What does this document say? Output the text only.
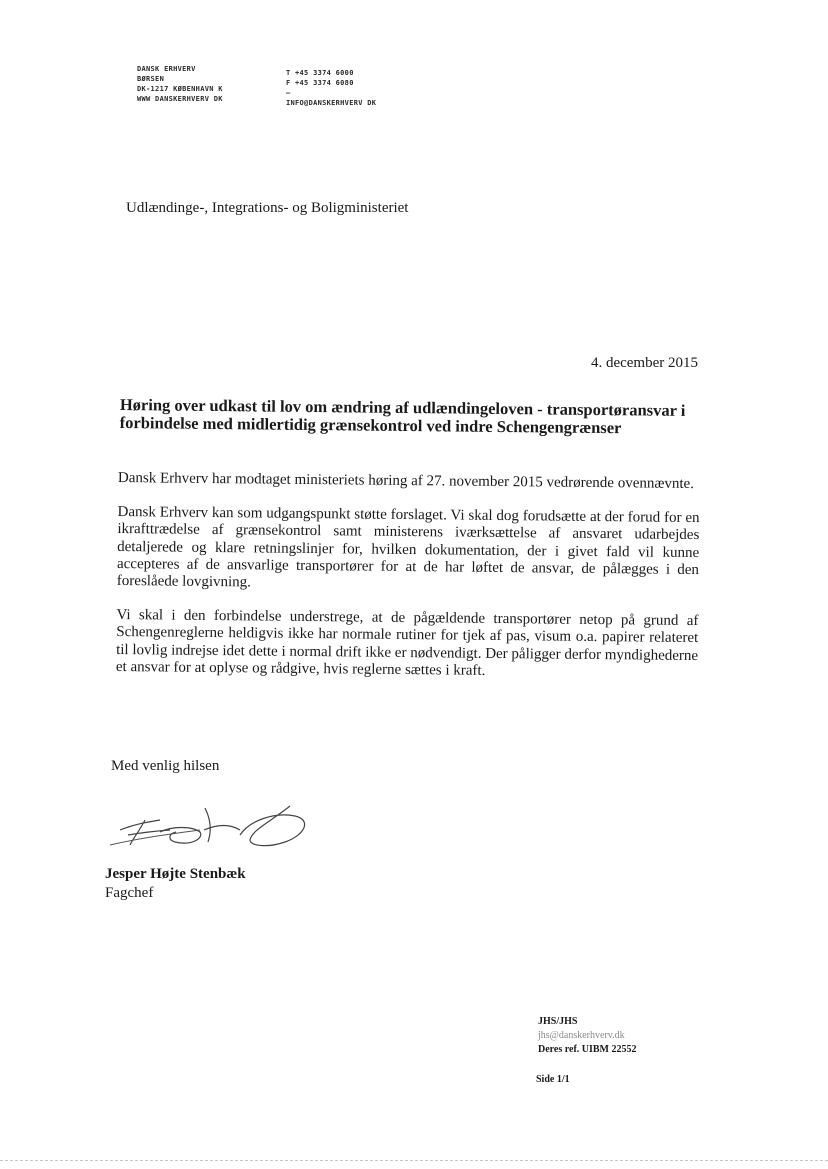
DANSK ERHVERV
BØRSEN
DK-1217 KØBENHAVN K
WWW DANSKERHVERV DK
T +45 3374 6000
F +45 3374 6080
–
INFO@DANSKERHVERV DK
Udlændinge-, Integrations- og Boligministeriet
4. december 2015
Høring over udkast til lov om ændring af udlændingeloven - transportøransvar i forbindelse med midlertidig grænsekontrol ved indre Schengengrænser

Dansk Erhverv har modtaget ministeriets høring af 27. november 2015 vedrørende ovennævnte.

Dansk Erhverv kan som udgangspunkt støtte forslaget. Vi skal dog forudsætte at der forud for en ikrafttrædelse af grænsekontrol samt ministerens iværksættelse af ansvaret udarbejdes detaljerede og klare retningslinjer for, hvilken dokumentation, der i givet fald vil kunne accepteres af de ansvarlige transportører for at de har løftet de ansvar, de pålægges i den foreslåede lovgivning.

Vi skal i den forbindelse understrege, at de pågældende transportører netop på grund af Schengenreglerne heldigvis ikke har normale rutiner for tjek af pas, visum o.a. papirer relateret til lovlig indrejse idet dette i normal drift ikke er nødvendigt. Der påligger derfor myndighederne et ansvar for at oplyse og rådgive, hvis reglerne sættes i kraft.

Med venlig hilsen
Jesper Højte Stenbæk
Fagchef
JHS/JHS
jhs@danskerhverv.dk
Deres ref. UIBM 22552
Side 1/1
